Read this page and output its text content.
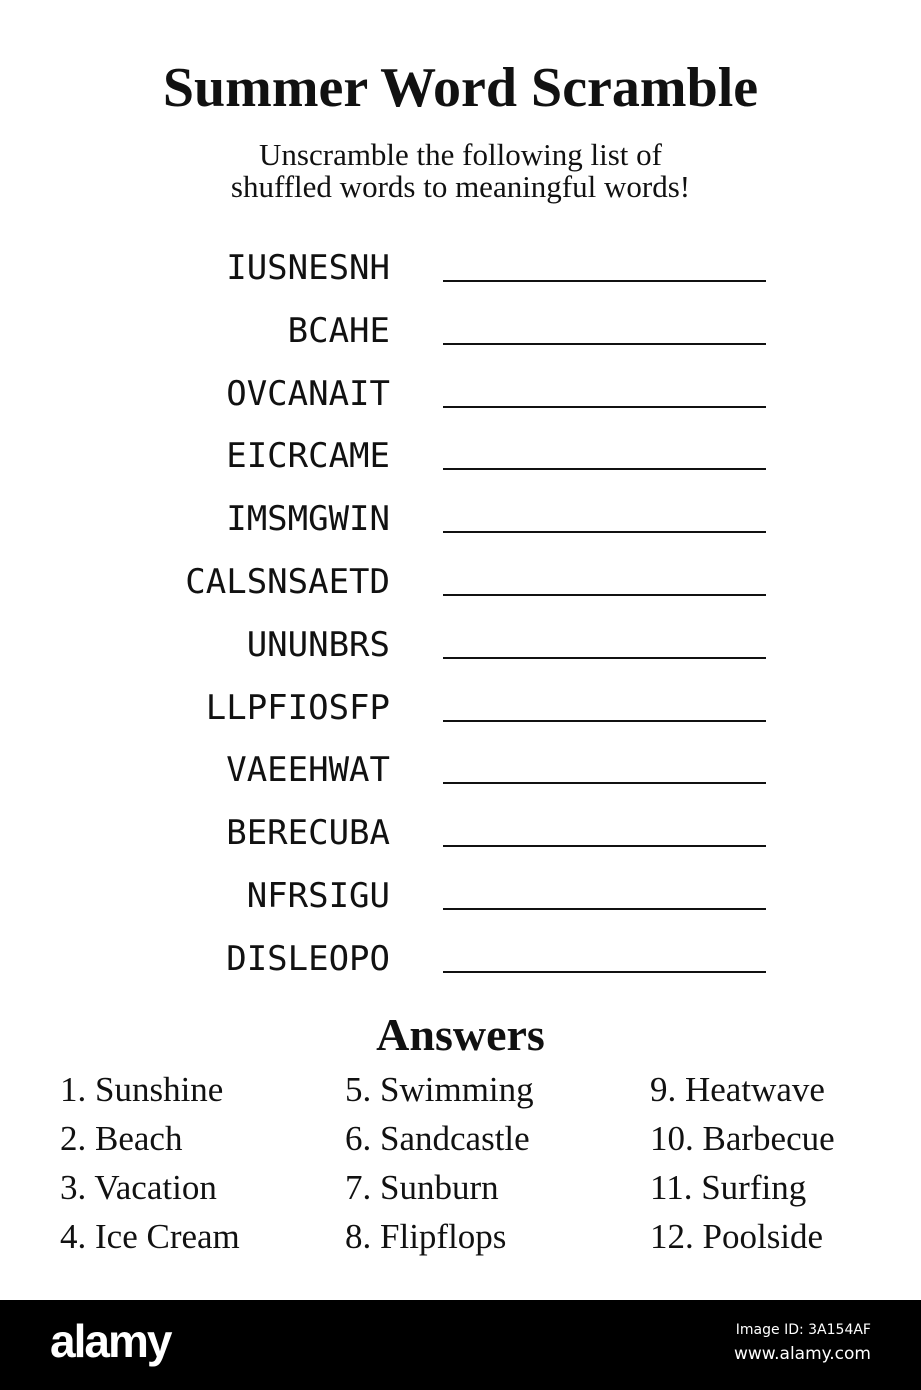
Summer Word Scramble
Unscramble the following list of
shuffled words to meaningful words!
IUSNESNH
BCAHE
OVCANAIT
EICRCAME
IMSMGWIN
CALSNSAETD
UNUNBRS
LLPFIOSFP
VAEEHWAT
BERECUBA
NFRSIGU
DISLEOPO
Answers
1. Sunshine
2. Beach
3. Vacation
4. Ice Cream
5. Swimming
6. Sandcastle
7. Sunburn
8. Flipflops
9. Heatwave
10. Barbecue
11. Surfing
12. Poolside
alamy	Image ID: 3A154AF
www.alamy.com
